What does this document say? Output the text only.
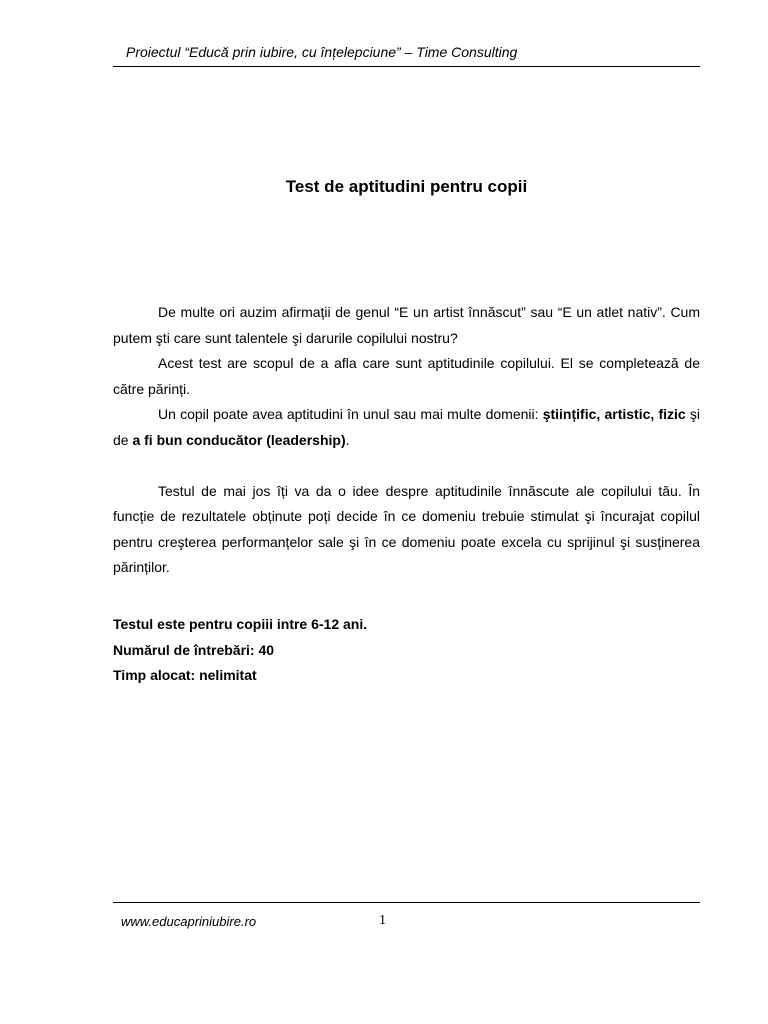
Proiectul “Educă prin iubire, cu înțelepciune” – Time Consulting
Test de aptitudini pentru copii

De multe ori auzim afirmații de genul “E un artist înnăscut” sau “E un atlet nativ”. Cum putem şti care sunt talentele şi darurile copilului nostru?

Acest test are scopul de a afla care sunt aptitudinile copilului. El se completează de către părinți.

Un copil poate avea aptitudini în unul sau mai multe domenii: ştiințific, artistic, fizic şi de a fi bun conducător (leadership).

Testul de mai jos îți va da o idee despre aptitudinile înnăscute ale copilului tău. În funcție de rezultatele obținute poți decide în ce domeniu trebuie stimulat şi încurajat copilul pentru creşterea performanțelor sale şi în ce domeniu poate excela cu sprijinul şi susținerea părinților.

Testul este pentru copiii intre 6-12 ani.
Numărul de întrebări: 40
Timp alocat: nelimitat
www.educapriniubire.ro	1
